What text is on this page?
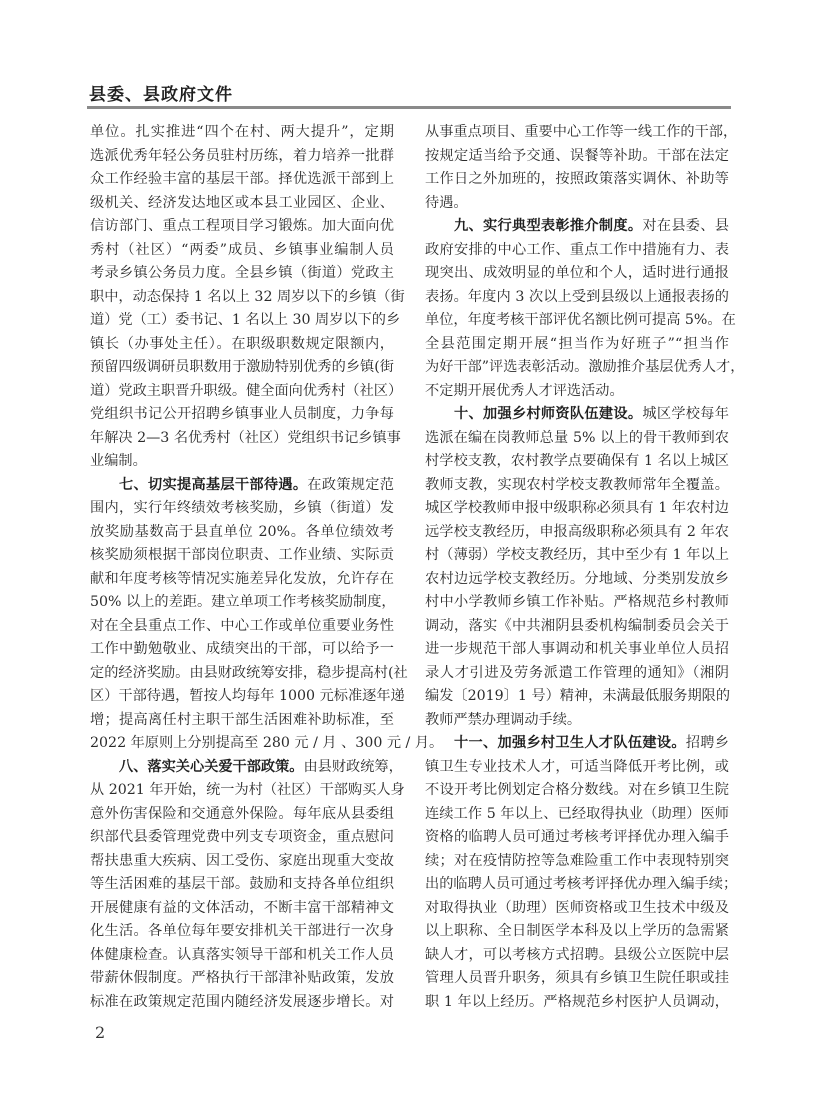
县委、县政府文件
单位。扎实推进“四个在村、两大提升”，定期
选派优秀年轻公务员驻村历练，着力培养一批群
众工作经验丰富的基层干部。择优选派干部到上
级机关、经济发达地区或本县工业园区、企业、
信访部门、重点工程项目学习锻炼。加大面向优
秀村（社区）“两委”成员、乡镇事业编制人员
考录乡镇公务员力度。全县乡镇（街道）党政主
职中，动态保持 1 名以上 32 周岁以下的乡镇（街
道）党（工）委书记、1 名以上 30 周岁以下的乡
镇长（办事处主任）。在职级职数规定限额内，
预留四级调研员职数用于激励特别优秀的乡镇(街
道）党政主职晋升职级。健全面向优秀村（社区）
党组织书记公开招聘乡镇事业人员制度，力争每
年解决 2—3 名优秀村（社区）党组织书记乡镇事
业编制。
七、切实提高基层干部待遇。在政策规定范
围内，实行年终绩效考核奖励，乡镇（街道）发
放奖励基数高于县直单位 20%。各单位绩效考
核奖励须根据干部岗位职责、工作业绩、实际贡
献和年度考核等情况实施差异化发放，允许存在
50% 以上的差距。建立单项工作考核奖励制度，
对在全县重点工作、中心工作或单位重要业务性
工作中勤勉敬业、成绩突出的干部，可以给予一
定的经济奖励。由县财政统筹安排，稳步提高村(社
区）干部待遇，暂按人均每年 1000 元标准逐年递
增；提高离任村主职干部生活困难补助标准，至
2022 年原则上分别提高至 280 元 / 月 、300 元 / 月。
八、落实关心关爱干部政策。由县财政统筹，
从 2021 年开始，统一为村（社区）干部购买人身
意外伤害保险和交通意外保险。每年底从县委组
织部代县委管理党费中列支专项资金，重点慰问
帮扶患重大疾病、因工受伤、家庭出现重大变故
等生活困难的基层干部。鼓励和支持各单位组织
开展健康有益的文体活动，不断丰富干部精神文
化生活。各单位每年要安排机关干部进行一次身
体健康检查。认真落实领导干部和机关工作人员
带薪休假制度。严格执行干部津补贴政策，发放
标准在政策规定范围内随经济发展逐步增长。对
从事重点项目、重要中心工作等一线工作的干部，
按规定适当给予交通、误餐等补助。干部在法定
工作日之外加班的，按照政策落实调休、补助等
待遇。
九、实行典型表彰推介制度。对在县委、县
政府安排的中心工作、重点工作中措施有力、表
现突出、成效明显的单位和个人，适时进行通报
表扬。年度内 3 次以上受到县级以上通报表扬的
单位，年度考核干部评优名额比例可提高 5%。在
全县范围定期开展“担当作为好班子”“担当作
为好干部”评选表彰活动。激励推介基层优秀人才，
不定期开展优秀人才评选活动。
十、加强乡村师资队伍建设。城区学校每年
选派在编在岗教师总量 5% 以上的骨干教师到农
村学校支教，农村教学点要确保有 1 名以上城区
教师支教，实现农村学校支教教师常年全覆盖。
城区学校教师申报中级职称必须具有 1 年农村边
远学校支教经历，申报高级职称必须具有 2 年农
村（薄弱）学校支教经历，其中至少有 1 年以上
农村边远学校支教经历。分地域、分类别发放乡
村中小学教师乡镇工作补贴。严格规范乡村教师
调动，落实《中共湘阴县委机构编制委员会关于
进一步规范干部人事调动和机关事业单位人员招
录人才引进及劳务派遣工作管理的通知》（湘阴
编发〔2019〕1 号）精神，未满最低服务期限的
教师严禁办理调动手续。
十一、加强乡村卫生人才队伍建设。招聘乡
镇卫生专业技术人才，可适当降低开考比例，或
不设开考比例划定合格分数线。对在乡镇卫生院
连续工作 5 年以上、已经取得执业（助理）医师
资格的临聘人员可通过考核考评择优办理入编手
续；对在疫情防控等急难险重工作中表现特别突
出的临聘人员可通过考核考评择优办理入编手续；
对取得执业（助理）医师资格或卫生技术中级及
以上职称、全日制医学本科及以上学历的急需紧
缺人才，可以考核方式招聘。县级公立医院中层
管理人员晋升职务，须具有乡镇卫生院任职或挂
职 1 年以上经历。严格规范乡村医护人员调动，
2
